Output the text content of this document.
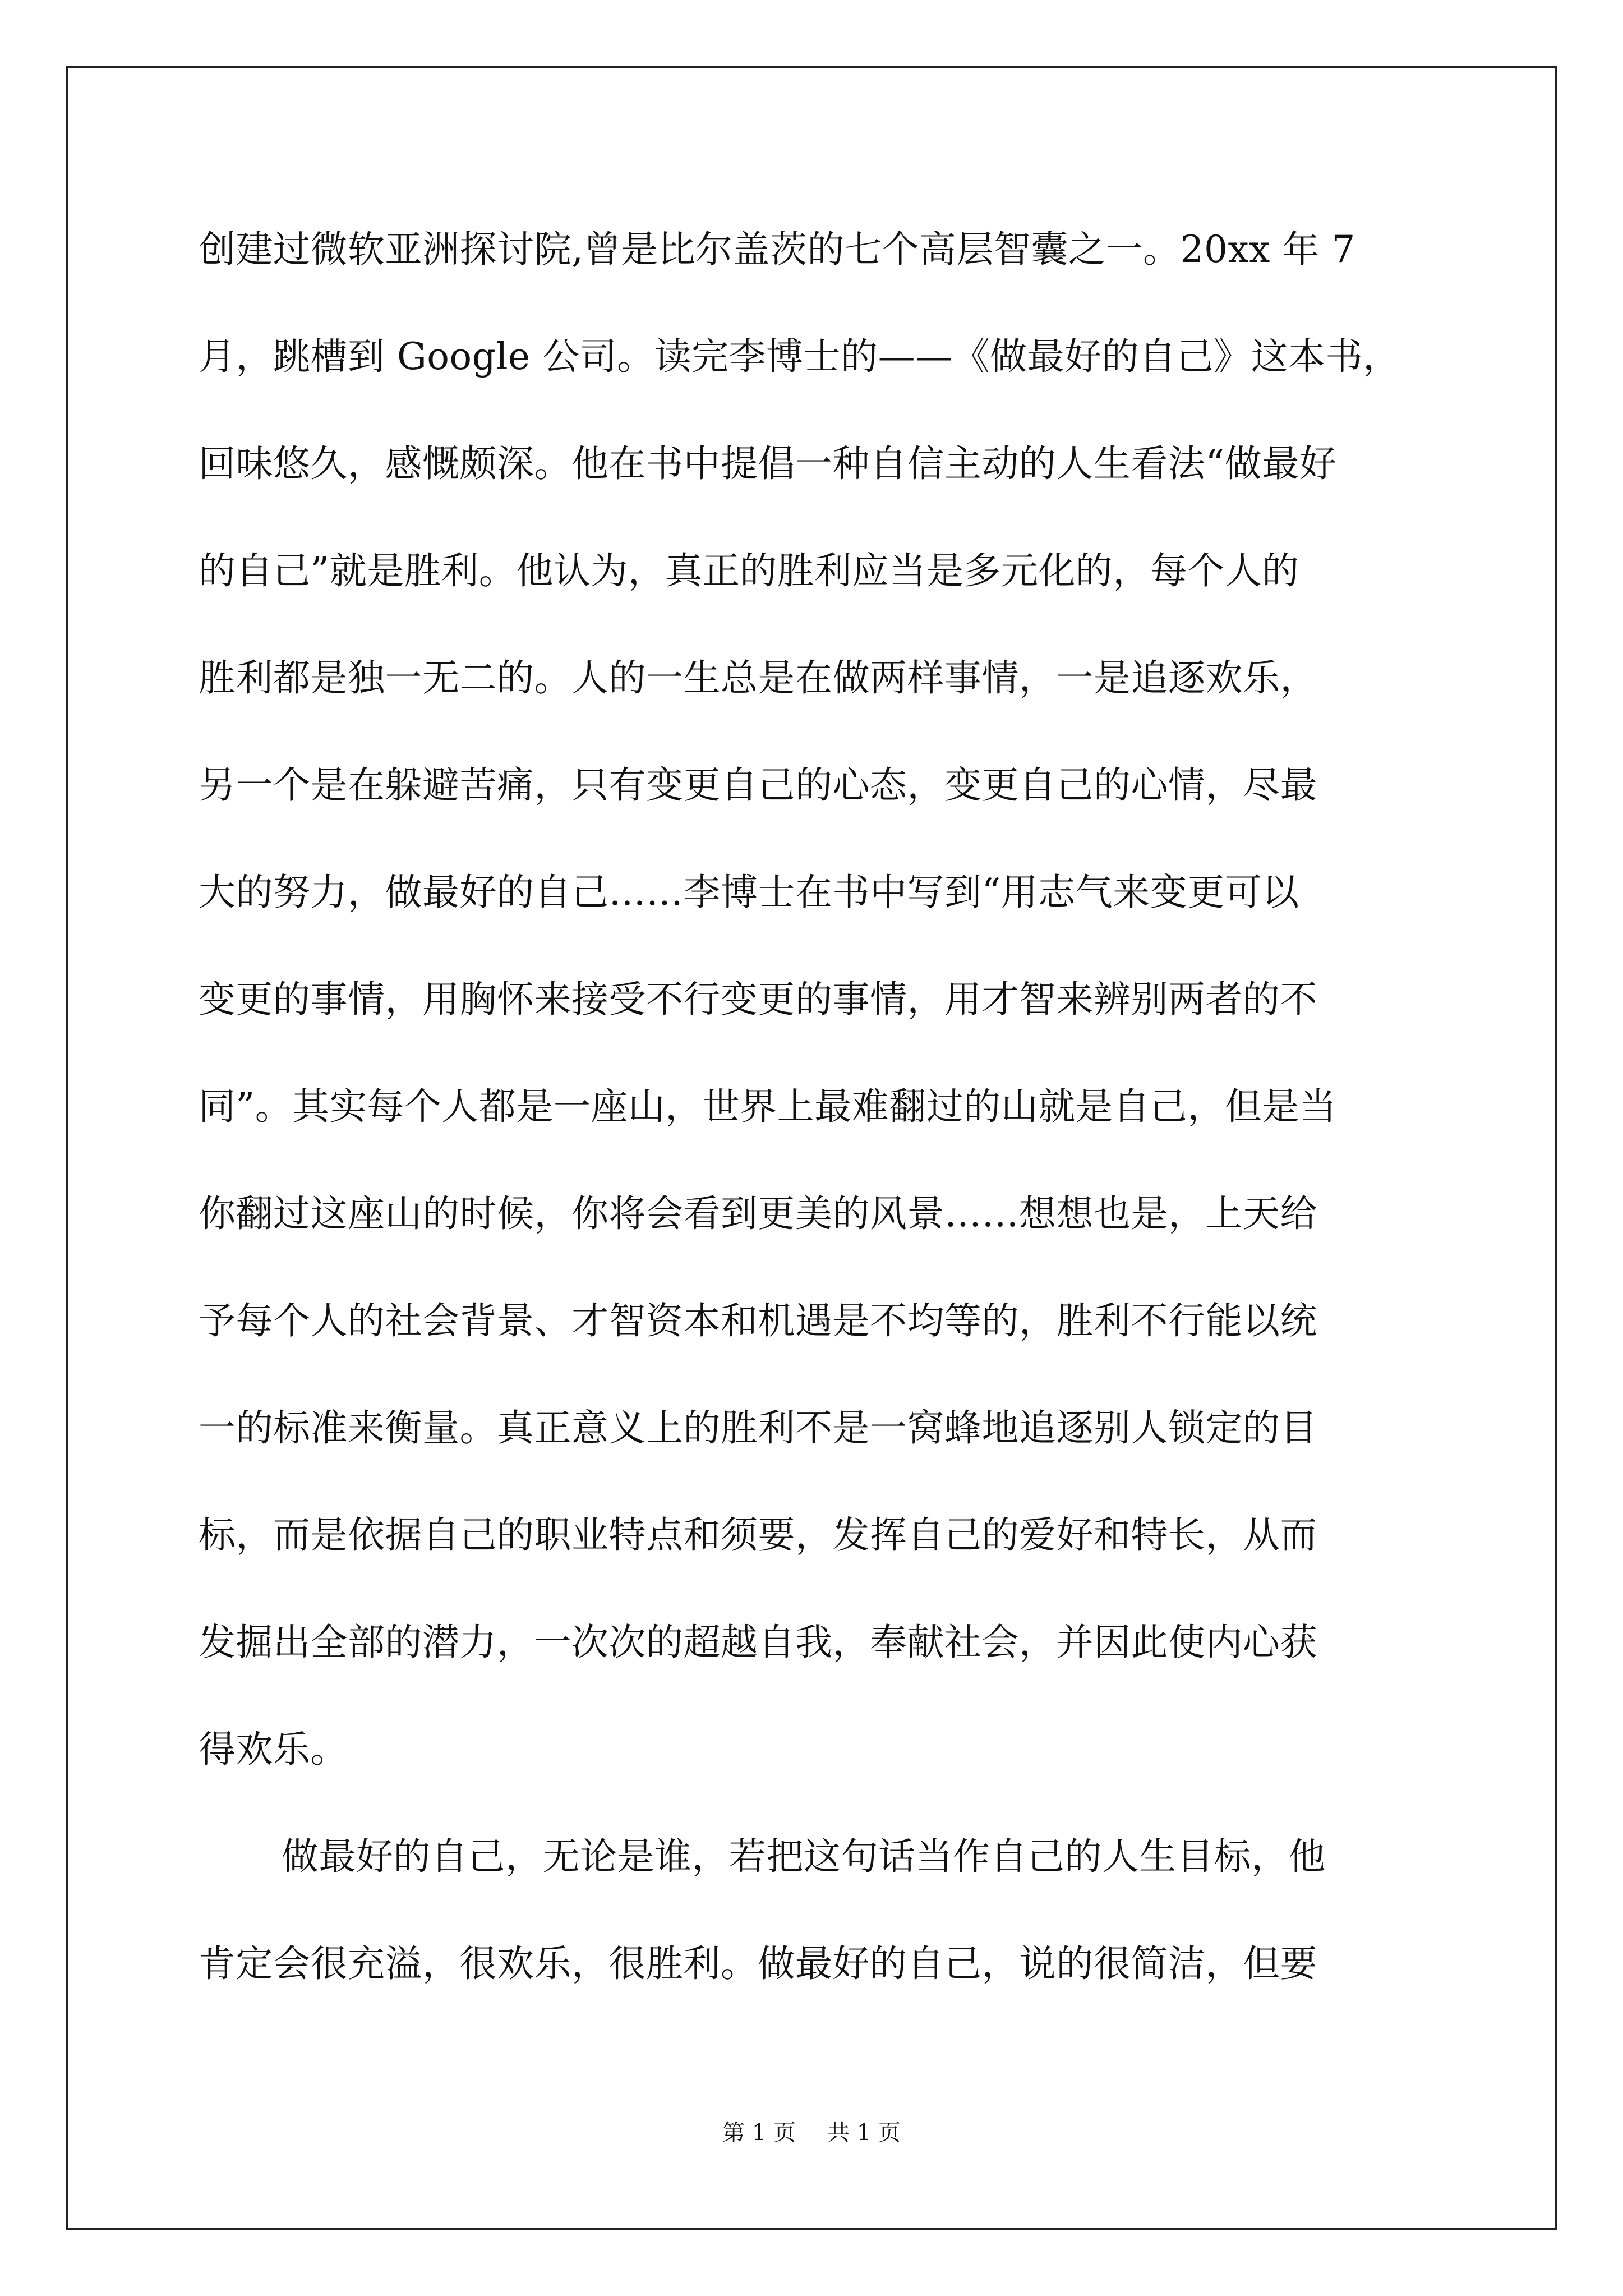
创建过微软亚洲探讨院,曾是比尔盖茨的七个高层智囊之一。20xx 年 7
月，跳槽到 Google 公司。读完李博士的——《做最好的自己》这本书，
回味悠久，感慨颇深。他在书中提倡一种自信主动的人生看法“做最好
的自己”就是胜利。他认为，真正的胜利应当是多元化的，每个人的
胜利都是独一无二的。人的一生总是在做两样事情，一是追逐欢乐，
另一个是在躲避苦痛，只有变更自己的心态，变更自己的心情，尽最
大的努力，做最好的自己……李博士在书中写到“用志气来变更可以
变更的事情，用胸怀来接受不行变更的事情，用才智来辨别两者的不
同”。其实每个人都是一座山，世界上最难翻过的山就是自己，但是当
你翻过这座山的时候，你将会看到更美的风景……想想也是，上天给
予每个人的社会背景、才智资本和机遇是不均等的，胜利不行能以统
一的标准来衡量。真正意义上的胜利不是一窝蜂地追逐别人锁定的目
标，而是依据自己的职业特点和须要，发挥自己的爱好和特长，从而
发掘出全部的潜力，一次次的超越自我，奉献社会，并因此使内心获
得欢乐。
做最好的自己，无论是谁，若把这句话当作自己的人生目标，他
肯定会很充溢，很欢乐，很胜利。做最好的自己，说的很简洁，但要
第 1 页 共 1 页
